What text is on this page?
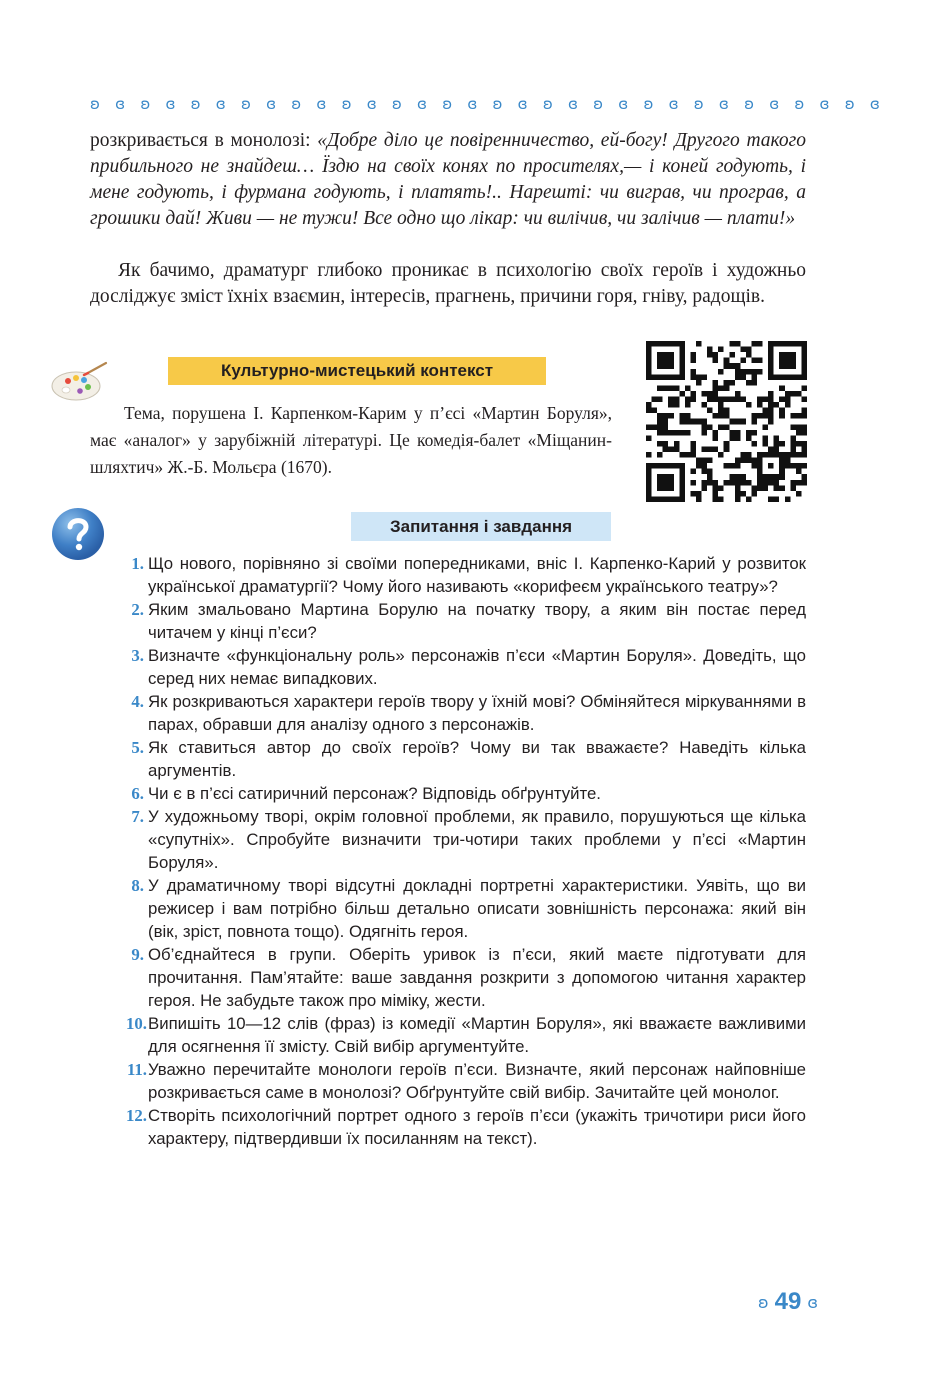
ʚ ɞ ʚ ɞ ʚ ɞ ʚ ɞ ʚ ɞ ʚ ɞ ʚ ɞ ʚ ɞ ʚ ɞ ʚ ɞ ʚ ɞ ʚ ɞ ʚ ɞ ʚ ɞ ʚ ɞ ʚ ɞ

розкривається в монолозі: «Добре діло це повіренничество, ей-богу! Другого такого прибильного не знайдеш… Їздю на своїх конях по просителях,— і коней годують, і мене годують, і фурмана годують, і платять!.. Нарешті: чи виграв, чи програв, а грошики дай! Живи — не тужи! Все одно що лікар: чи вилічив, чи залічив — плати!»

Як бачимо, драматург глибоко проникає в психологію своїх героїв і художньо досліджує зміст їхніх взаємин, інтересів, прагнень, причини горя, гніву, радощів.

Культурно-мистецький контекст

Тема, порушена І. Карпенком-Карим у п’єсі «Мартин Боруля», має «аналог» у зарубіжній літературі. Це комедія-балет «Міщанин-шляхтич» Ж.-Б. Мольєра (1670).

Запитання і завдання
1. Що нового, порівняно зі своїми попередниками, вніс І. Карпенко-Карий у розвиток української драматургії? Чому його називають «корифеєм українського театру»?
2. Яким змальовано Мартина Борулю на початку твору, а яким він постає перед читачем у кінці п’єси?
3. Визначте «функціональну роль» персонажів п’єси «Мартин Боруля». Доведіть, що серед них немає випадкових.
4. Як розкриваються характери героїв твору у їхній мові? Обміняйтеся міркуваннями в парах, обравши для аналізу одного з персонажів.
5. Як ставиться автор до своїх героїв? Чому ви так вважаєте? Наведіть кілька аргументів.
6. Чи є в п’єсі сатиричний персонаж? Відповідь обґрунтуйте.
7. У художньому творі, окрім головної проблеми, як правило, порушуються ще кілька «супутніх». Спробуйте визначити три-чотири таких проблеми у п’єсі «Мартин Боруля».
8. У драматичному творі відсутні докладні портретні характеристики. Уявіть, що ви режисер і вам потрібно більш детально описати зовнішність персонажа: який він (вік, зріст, повнота тощо). Одягніть героя.
9. Об’єднайтеся в групи. Оберіть уривок із п’єси, який маєте підготувати для прочитання. Пам’ятайте: ваше завдання розкрити з допомогою читання характер героя. Не забудьте також про міміку, жести.
10. Випишіть 10—12 слів (фраз) із комедії «Мартин Боруля», які вважаєте важливими для осягнення її змісту. Свій вибір аргументуйте.
11. Уважно перечитайте монологи героїв п’єси. Визначте, який персонаж найповніше розкривається саме в монолозі? Обґрунтуйте свій вибір. Зачитайте цей монолог.
12. Створіть психологічний портрет одного з героїв п’єси (укажіть тричотири риси його характеру, підтвердивши їх посиланням на текст).
ʚ 49 ɞ
